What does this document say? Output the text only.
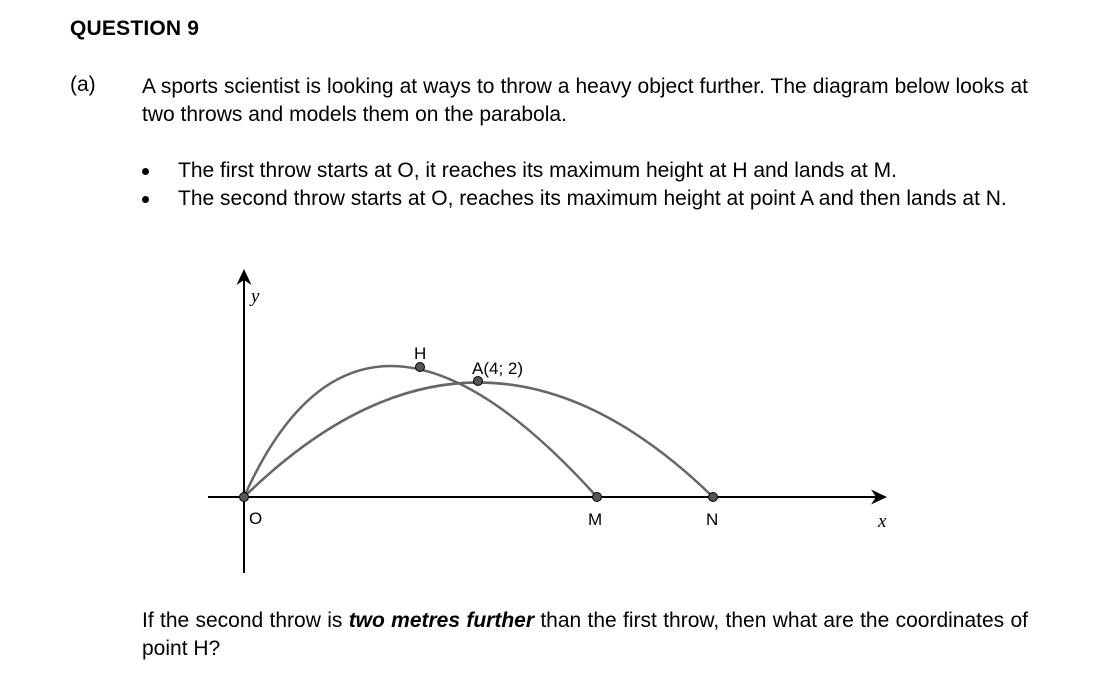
QUESTION 9
(a) A sports scientist is looking at ways to throw a heavy object further. The diagram below looks at two throws and models them on the parabola.
The first throw starts at O, it reaches its maximum height at H and lands at M.
The second throw starts at O, reaches its maximum height at point A and then lands at N.
y
x
O
H
A(4; 2)
M	N
If the second throw is two metres further than the first throw, then what are the coordinates of point H?
